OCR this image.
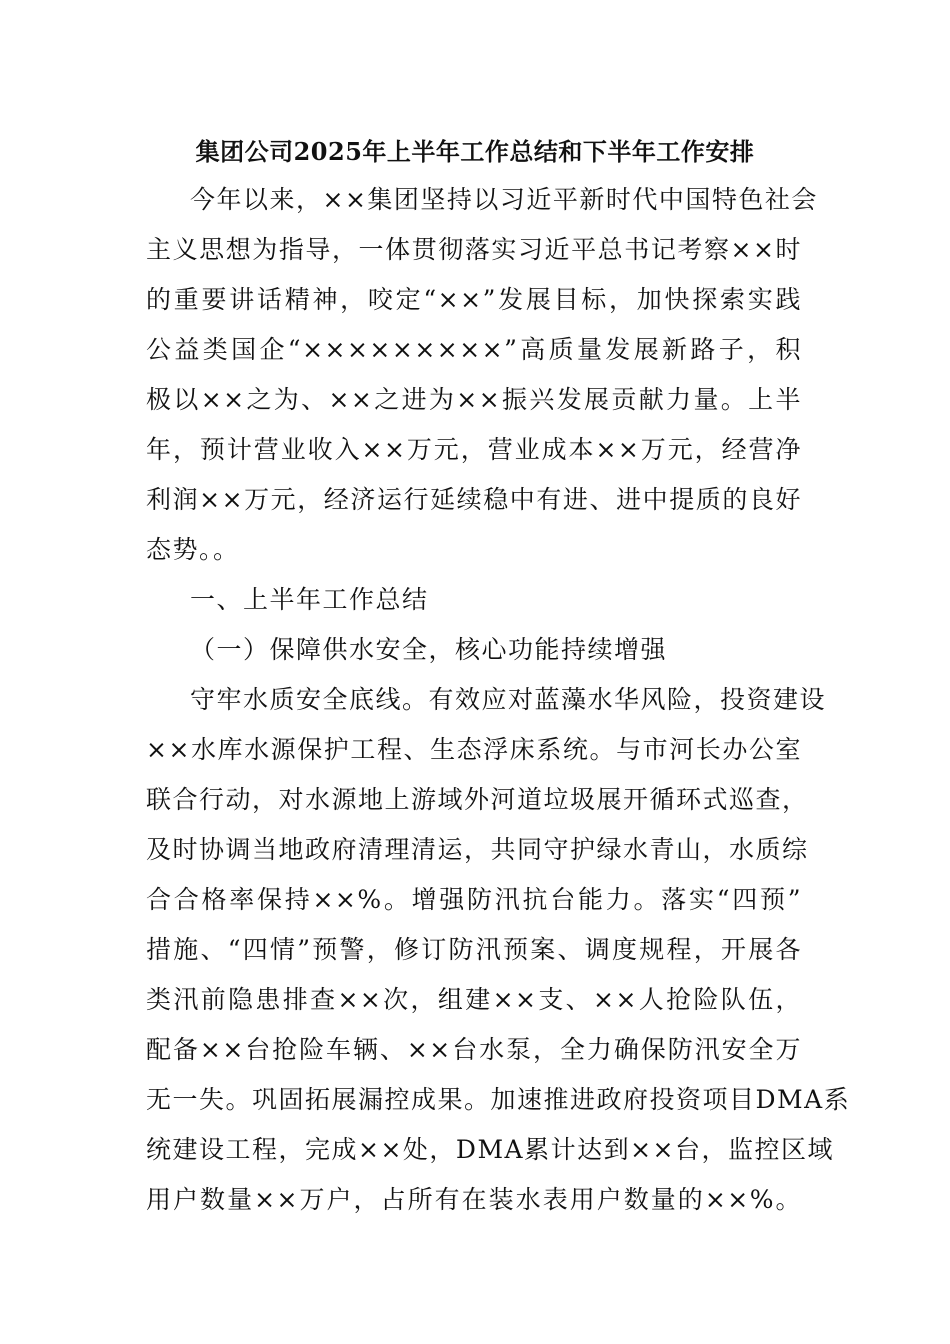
集团公司2025年上半年工作总结和下半年工作安排
今年以来，××集团坚持以习近平新时代中国特色社会
主义思想为指导，一体贯彻落实习近平总书记考察××时
的重要讲话精神，咬定“××”发展目标，加快探索实践
公益类国企“×××××××××”高质量发展新路子，积
极以××之为、××之进为××振兴发展贡献力量。上半
年，预计营业收入××万元，营业成本××万元，经营净
利润××万元，经济运行延续稳中有进、进中提质的良好
态势。。
一、上半年工作总结
（一）保障供水安全，核心功能持续增强
守牢水质安全底线。有效应对蓝藻水华风险，投资建设
××水库水源保护工程、生态浮床系统。与市河长办公室
联合行动，对水源地上游域外河道垃圾展开循环式巡查，
及时协调当地政府清理清运，共同守护绿水青山，水质综
合合格率保持××%。增强防汛抗台能力。落实“四预”
措施、“四情”预警，修订防汛预案、调度规程，开展各
类汛前隐患排查××次，组建××支、××人抢险队伍，
配备××台抢险车辆、××台水泵，全力确保防汛安全万
无一失。巩固拓展漏控成果。加速推进政府投资项目DMA系
统建设工程，完成××处，DMA累计达到××台，监控区域
用户数量××万户，占所有在装水表用户数量的××%。
